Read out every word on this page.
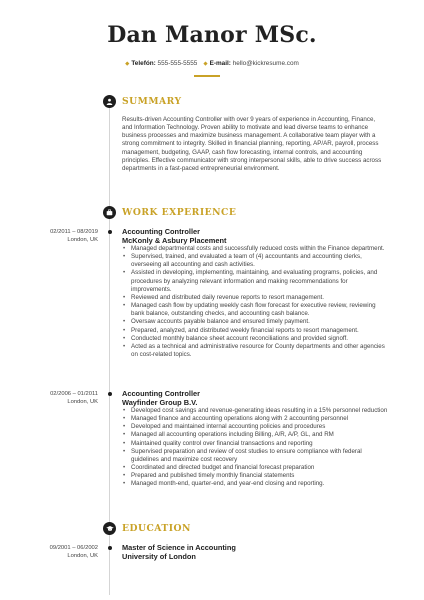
Dan Manor MSc.
◆ Telefón: 555-555-5555 ◆ E-mail: hello@kickresume.com
SUMMARY
Results-driven Accounting Controller with over 9 years of experience in Accounting, Finance, and Information Technology. Proven ability to motivate and lead diverse teams to enhance business processes and maximize business management. A collaborative team player with a strong commitment to integrity. Skilled in financial planning, reporting, AP/AR, payroll, process management, budgeting, GAAP, cash flow forecasting, internal controls, and accounting principles. Effective communicator with strong interpersonal skills, able to drive success across departments in a fast-paced entrepreneurial environment.
WORK EXPERIENCE
02/2011 – 08/2019
London, UK
Accounting Controller
McKonly & Asbury Placement
• Managed departmental costs and successfully reduced costs within the Finance department.
• Supervised, trained, and evaluated a team of (4) accountants and accounting clerks, overseeing all accounting and cash activities.
• Assisted in developing, implementing, maintaining, and evaluating programs, policies, and procedures by analyzing relevant information and making recommendations for improvements.
• Reviewed and distributed daily revenue reports to resort management.
• Managed cash flow by updating weekly cash flow forecast for executive review, reviewing bank balance, outstanding checks, and accounting cash balance.
• Oversaw accounts payable balance and ensured timely payment.
• Prepared, analyzed, and distributed weekly financial reports to resort management.
• Conducted monthly balance sheet account reconciliations and provided signoff.
• Acted as a technical and administrative resource for County departments and other agencies on cost-related topics.
02/2006 – 01/2011
London, UK
Accounting Controller
Wayfinder Group B.V.
• Developed cost savings and revenue-generating ideas resulting in a 15% personnel reduction
• Managed finance and accounting operations along with 2 accounting personnel
• Developed and maintained internal accounting policies and procedures
• Managed all accounting operations including Billing, A/R, A/P, GL, and RM
• Maintained quality control over financial transactions and reporting
• Supervised preparation and review of cost studies to ensure compliance with federal guidelines and maximize cost recovery
• Coordinated and directed budget and financial forecast preparation
• Prepared and published timely monthly financial statements
• Managed month-end, quarter-end, and year-end closing and reporting.
EDUCATION
09/2001 – 06/2002
London, UK
Master of Science in Accounting
University of London
